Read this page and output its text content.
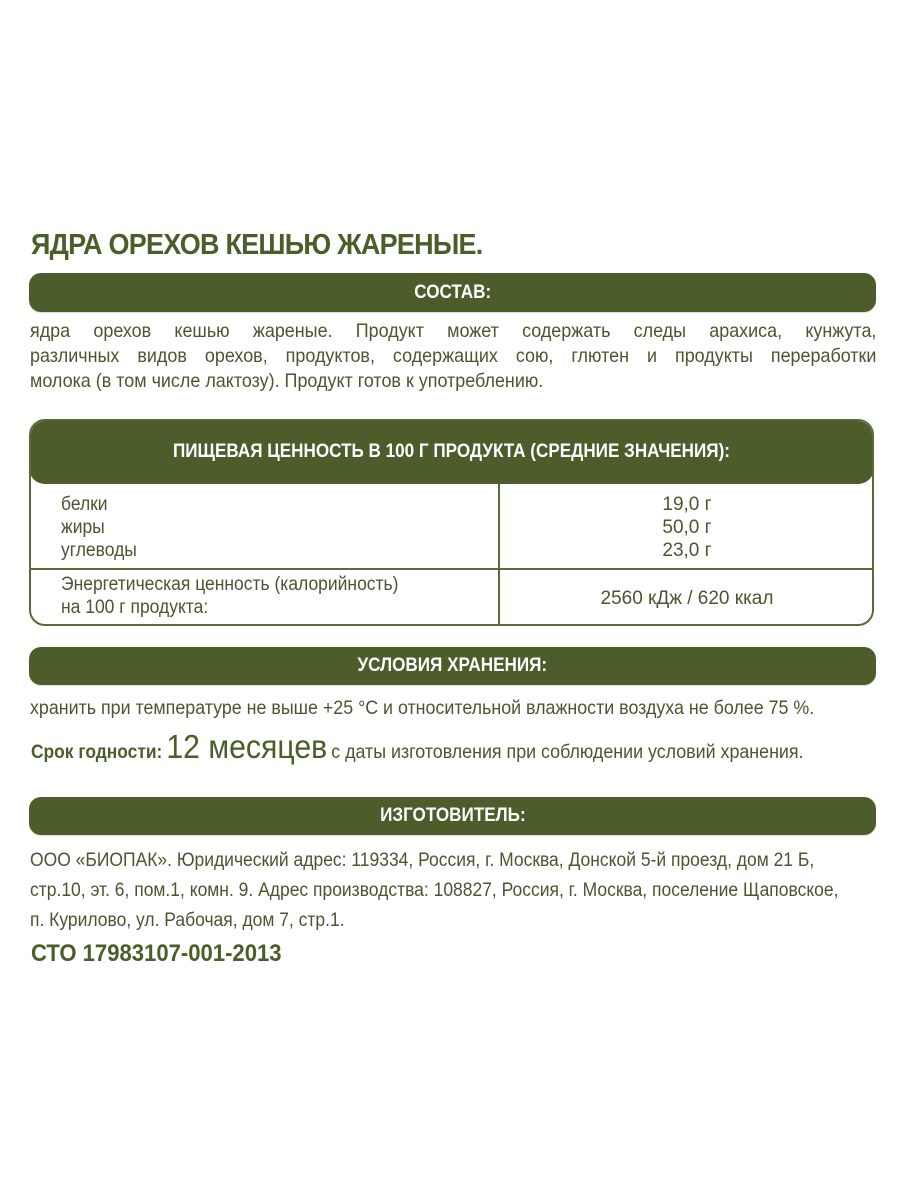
ЯДРА ОРЕХОВ КЕШЬЮ ЖАРЕНЫЕ.
СОСТАВ:
ядра орехов кешью жареные. Продукт может содержать следы арахиса, кунжута,
различных видов орехов, продуктов, содержащих сою, глютен и продукты переработки
молока (в том числе лактозу). Продукт готов к употреблению.
ПИЩЕВАЯ ЦЕННОСТЬ В 100 Г ПРОДУКТА (СРЕДНИЕ ЗНАЧЕНИЯ):
белки
жиры
углеводы
19,0 г
50,0 г
23,0 г
Энергетическая ценность (калорийность)
на 100 г продукта:	2560 кДж / 620 ккал
УСЛОВИЯ ХРАНЕНИЯ:
хранить при температуре не выше +25 °С и относительной влажности воздуха не более 75 %.
Срок годности: 12 месяцев с даты изготовления при соблюдении условий хранения.
ИЗГОТОВИТЕЛЬ:
ООО «БИОПАК». Юридический адрес: 119334, Россия, г. Москва, Донской 5-й проезд, дом 21 Б,
стр.10, эт. 6, пом.1, комн. 9. Адрес производства: 108827, Россия, г. Москва, поселение Щаповское,
п. Курилово, ул. Рабочая, дом 7, стр.1.
СТО 17983107-001-2013
